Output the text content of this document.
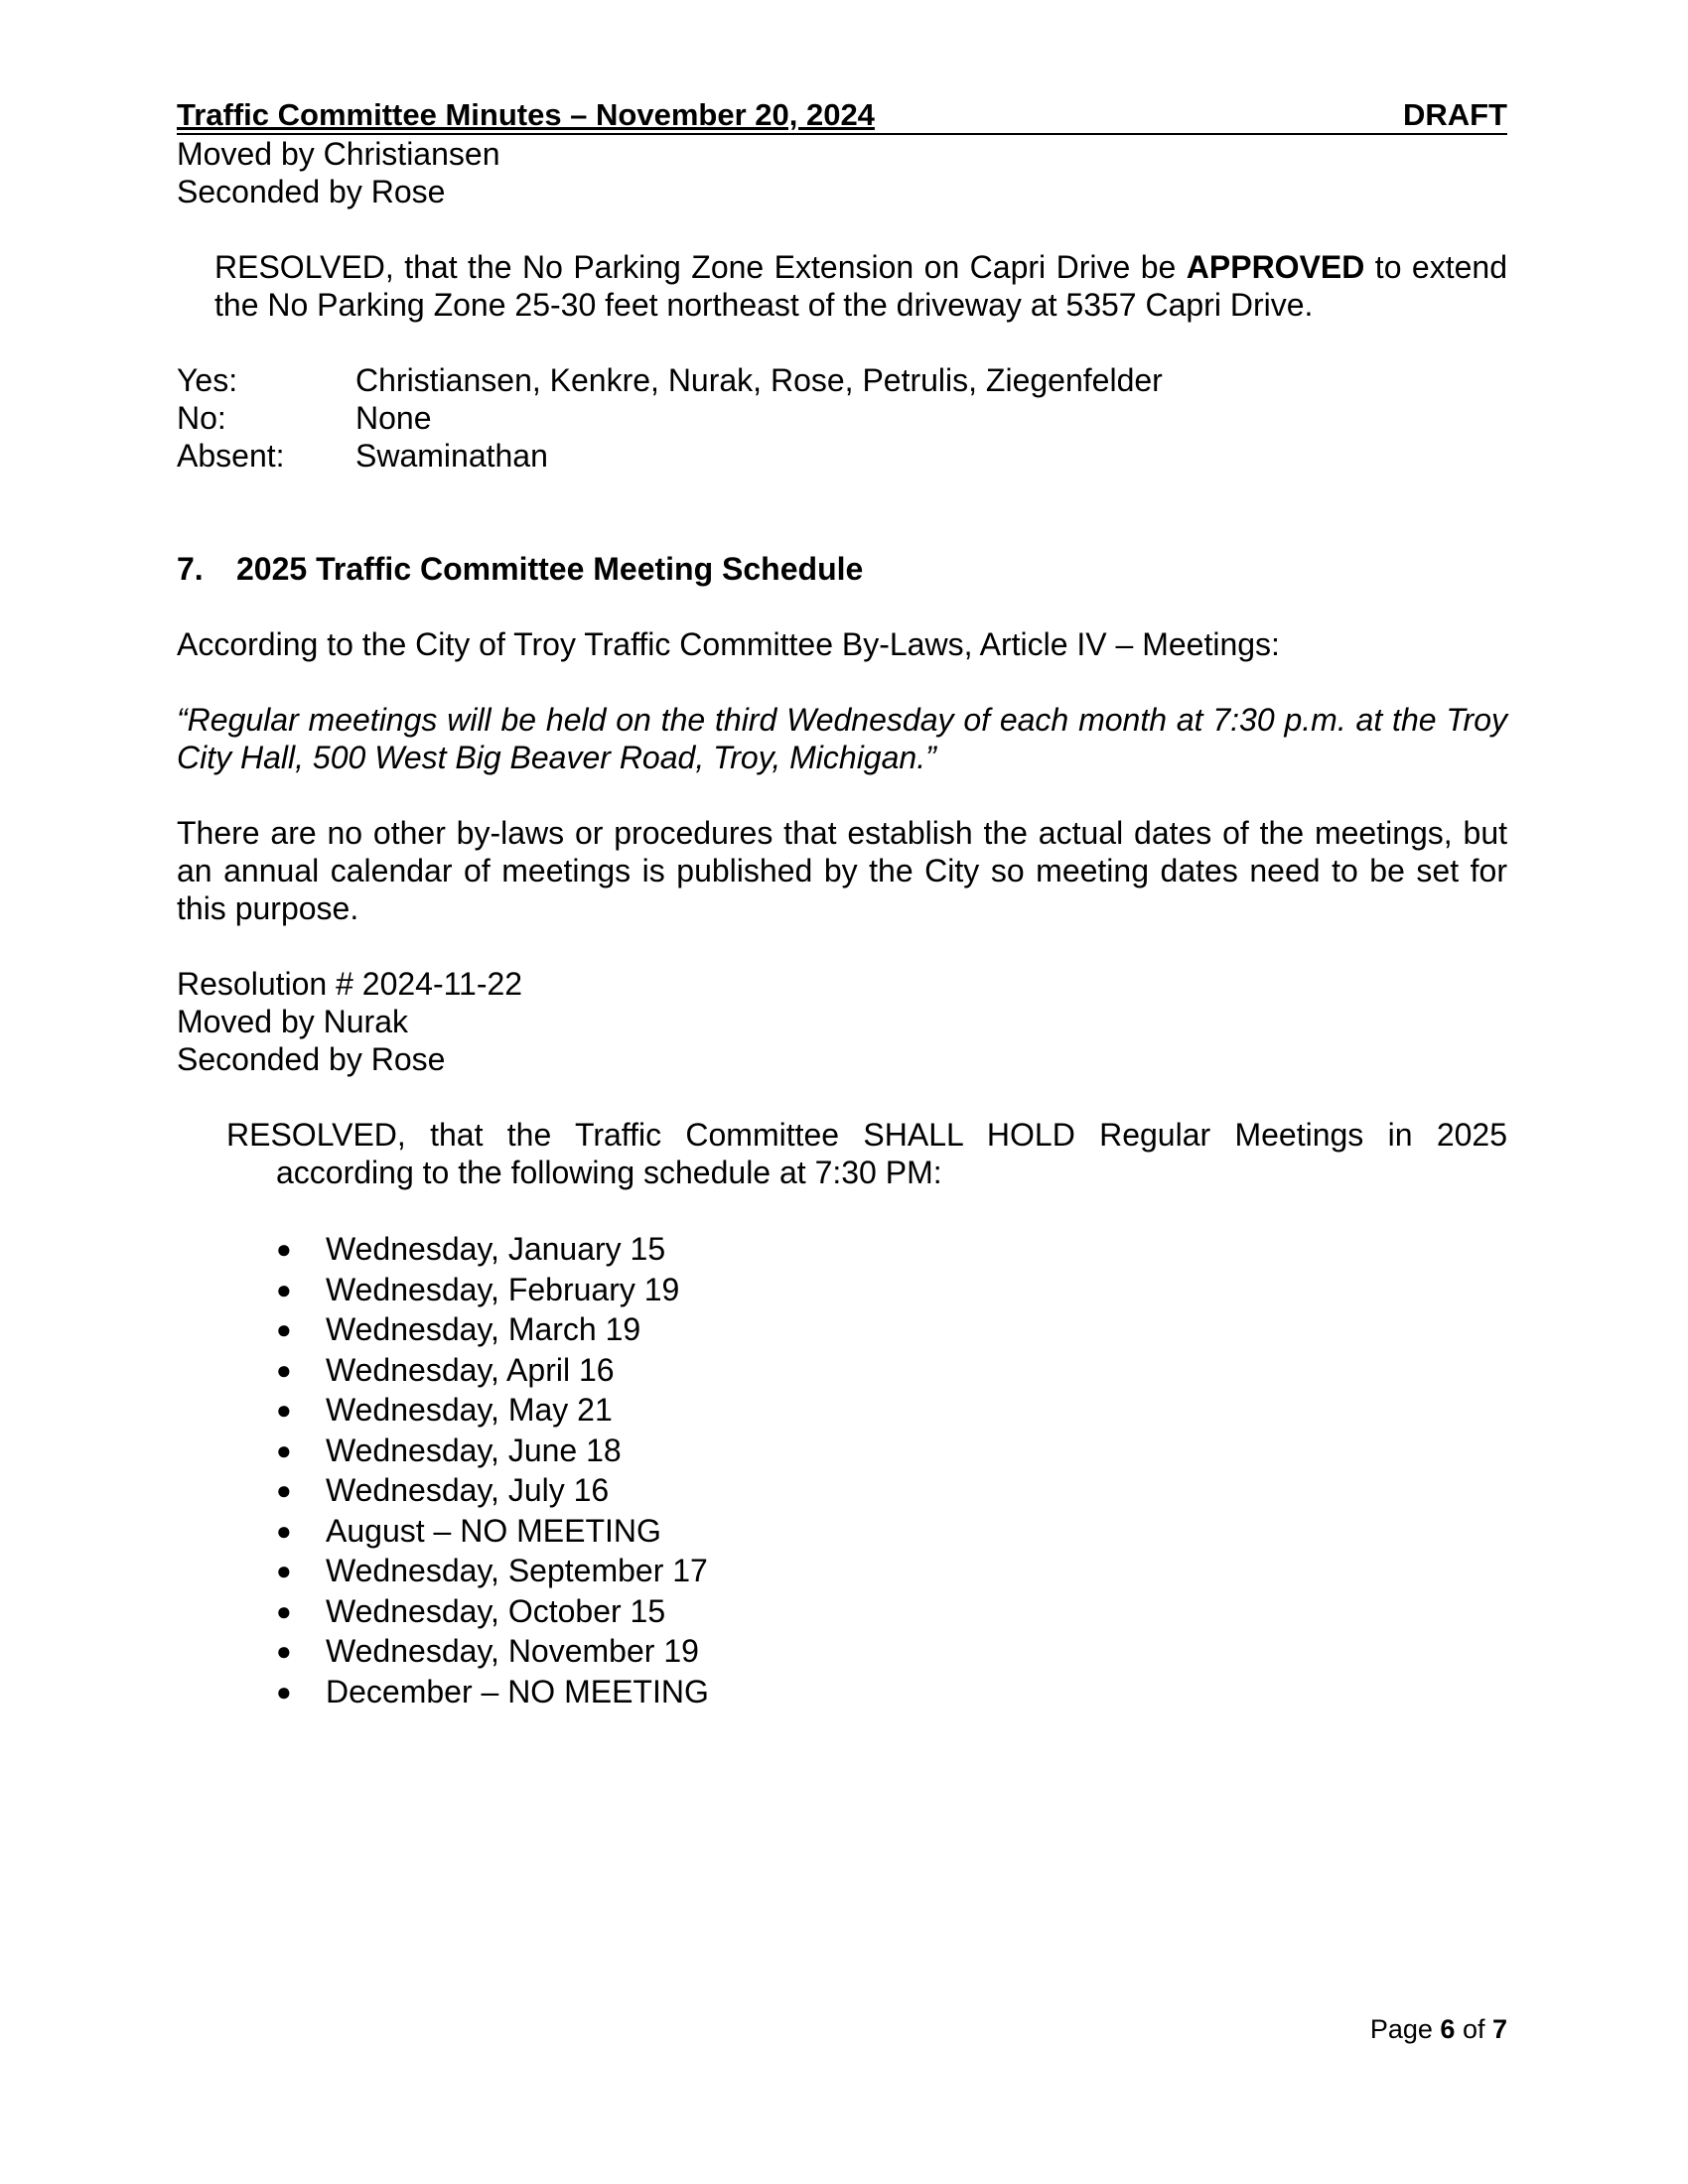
Traffic Committee Minutes – November 20, 2024	DRAFT
Moved by Christiansen
Seconded by Rose
RESOLVED, that the No Parking Zone Extension on Capri Drive be APPROVED to extend the No Parking Zone 25-30 feet northeast of the driveway at 5357 Capri Drive.
Yes:	Christiansen, Kenkre, Nurak, Rose, Petrulis, Ziegenfelder
No:	None
Absent:	Swaminathan
7.	2025 Traffic Committee Meeting Schedule
According to the City of Troy Traffic Committee By-Laws, Article IV – Meetings:
“Regular meetings will be held on the third Wednesday of each month at 7:30 p.m. at the Troy City Hall, 500 West Big Beaver Road, Troy, Michigan.”
There are no other by-laws or procedures that establish the actual dates of the meetings, but an annual calendar of meetings is published by the City so meeting dates need to be set for this purpose.
Resolution # 2024-11-22
Moved by Nurak
Seconded by Rose
RESOLVED, that the Traffic Committee SHALL HOLD Regular Meetings in 2025
according to the following schedule at 7:30 PM:
●	Wednesday, January 15
●	Wednesday, February 19
●	Wednesday, March 19
●	Wednesday, April 16
●	Wednesday, May 21
●	Wednesday, June 18
●	Wednesday, July 16
●	August – NO MEETING
●	Wednesday, September 17
●	Wednesday, October 15
●	Wednesday, November 19
●	December – NO MEETING
Page 6 of 7
